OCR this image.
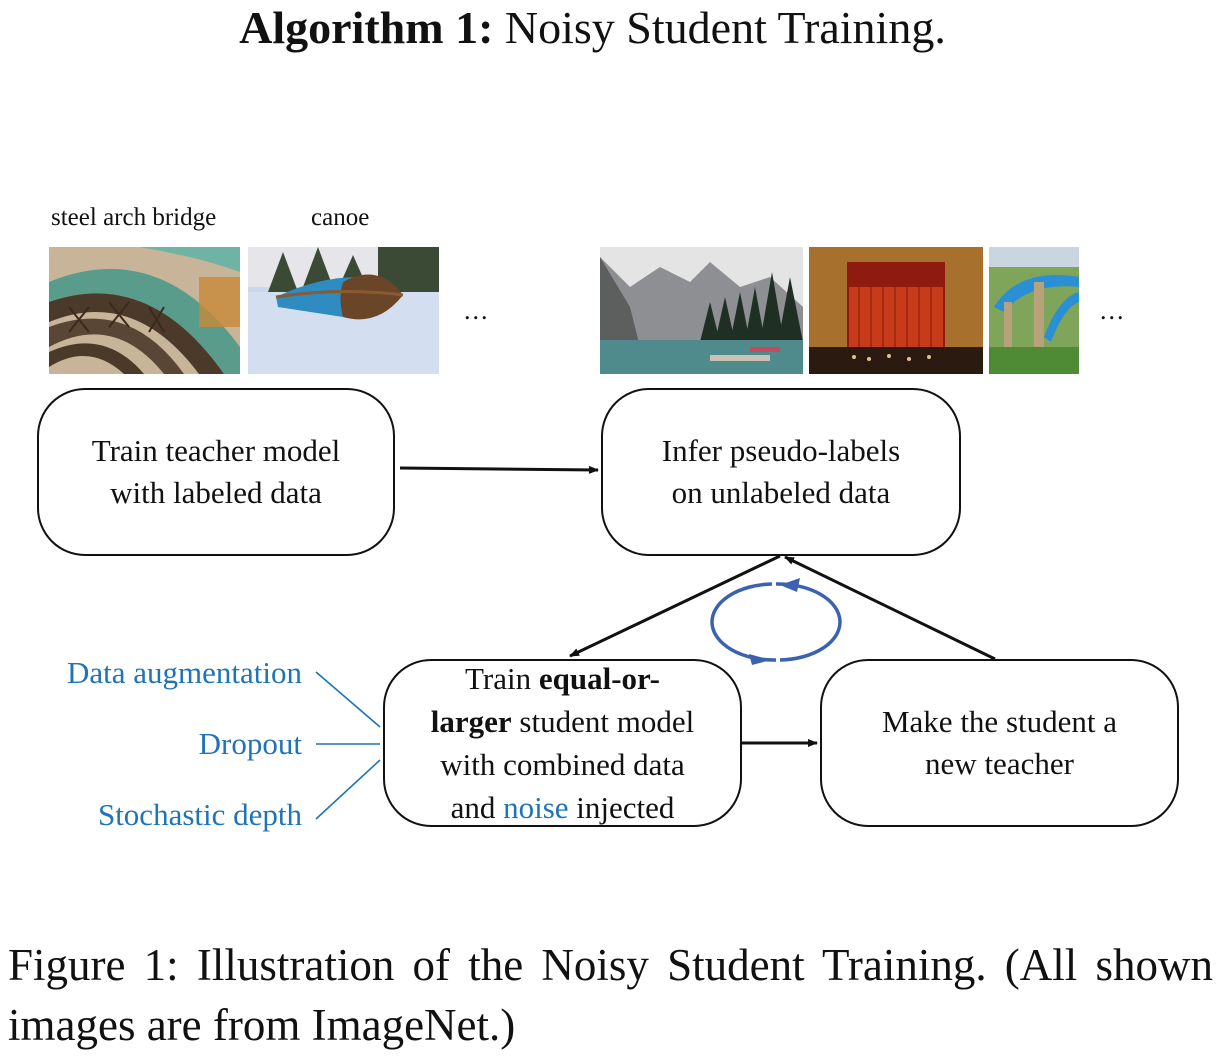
Algorithm 1: Noisy Student Training.
steel arch bridge	canoe
...	...
Train teacher model
with labeled data
Infer pseudo-labels
on unlabeled data
Train equal-or-
larger student model
with combined data
and noise injected
Make the student a
new teacher
Data augmentation
Dropout
Stochastic depth
Figure 1: Illustration of the Noisy Student Training. (All shown images are from ImageNet.)
